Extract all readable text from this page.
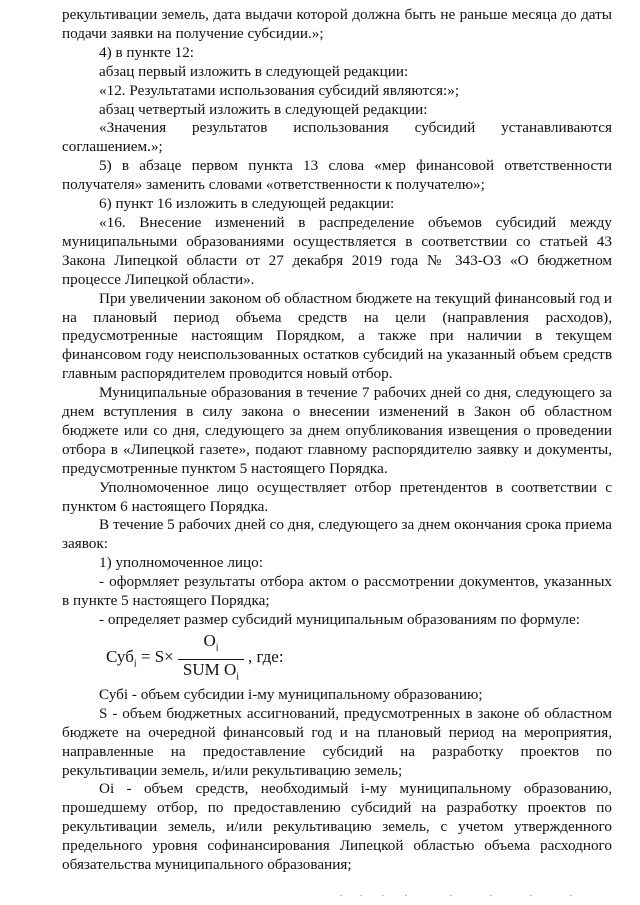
рекультивации земель, дата выдачи которой должна быть не раньше месяца до даты подачи заявки на получение субсидии.»;

4) в пункте 12:

абзац первый изложить в следующей редакции:

«12. Результатами использования субсидий являются:»;

абзац четвертый изложить в следующей редакции:

«Значения результатов использования субсидий устанавливаются соглашением.»;

5) в абзаце первом пункта 13 слова «мер финансовой ответственности получателя» заменить словами «ответственности к получателю»;

6) пункт 16 изложить в следующей редакции:

«16. Внесение изменений в распределение объемов субсидий между муниципальными образованиями осуществляется в соответствии со статьей 43 Закона Липецкой области от 27 декабря 2019 года № 343-ОЗ «О бюджетном процессе Липецкой области».

При увеличении законом об областном бюджете на текущий финансовый год и на плановый период объема средств на цели (направления расходов), предусмотренные настоящим Порядком, а также при наличии в текущем финансовом году неиспользованных остатков субсидий на указанный объем средств главным распорядителем проводится новый отбор.

Муниципальные образования в течение 7 рабочих дней со дня, следующего за днем вступления в силу закона о внесении изменений в Закон об областном бюджете или со дня, следующего за днем опубликования извещения о проведении отбора в «Липецкой газете», подают главному распорядителю заявку и документы, предусмотренные пунктом 5 настоящего Порядка.

Уполномоченное лицо осуществляет отбор претендентов в соответствии с пунктом 6 настоящего Порядка.

В течение 5 рабочих дней со дня, следующего за днем окончания срока приема заявок:

1) уполномоченное лицо:

- оформляет результаты отбора актом о рассмотрении документов, указанных в пункте 5 настоящего Порядка;

- определяет размер субсидий муниципальным образованиям по формуле:

Суб$_i$ = S×
$O_i$
SUM $O_i$
, где:

Субi - объем субсидии i-му муниципальному образованию;

S - объем бюджетных ассигнований, предусмотренных в законе об областном бюджете на очередной финансовый год и на плановый период на мероприятия, направленные на предоставление субсидий на разработку проектов по рекультивации земель, и/или рекультивацию земель;

Oi - объем средств, необходимый i-му муниципальному образованию, прошедшему отбор, по предоставлению субсидий на разработку проектов по рекультивации земель, и/или рекультивацию земель, с учетом утвержденного предельного уровня софинансирования Липецкой областью объема расходного обязательства муниципального образования;
